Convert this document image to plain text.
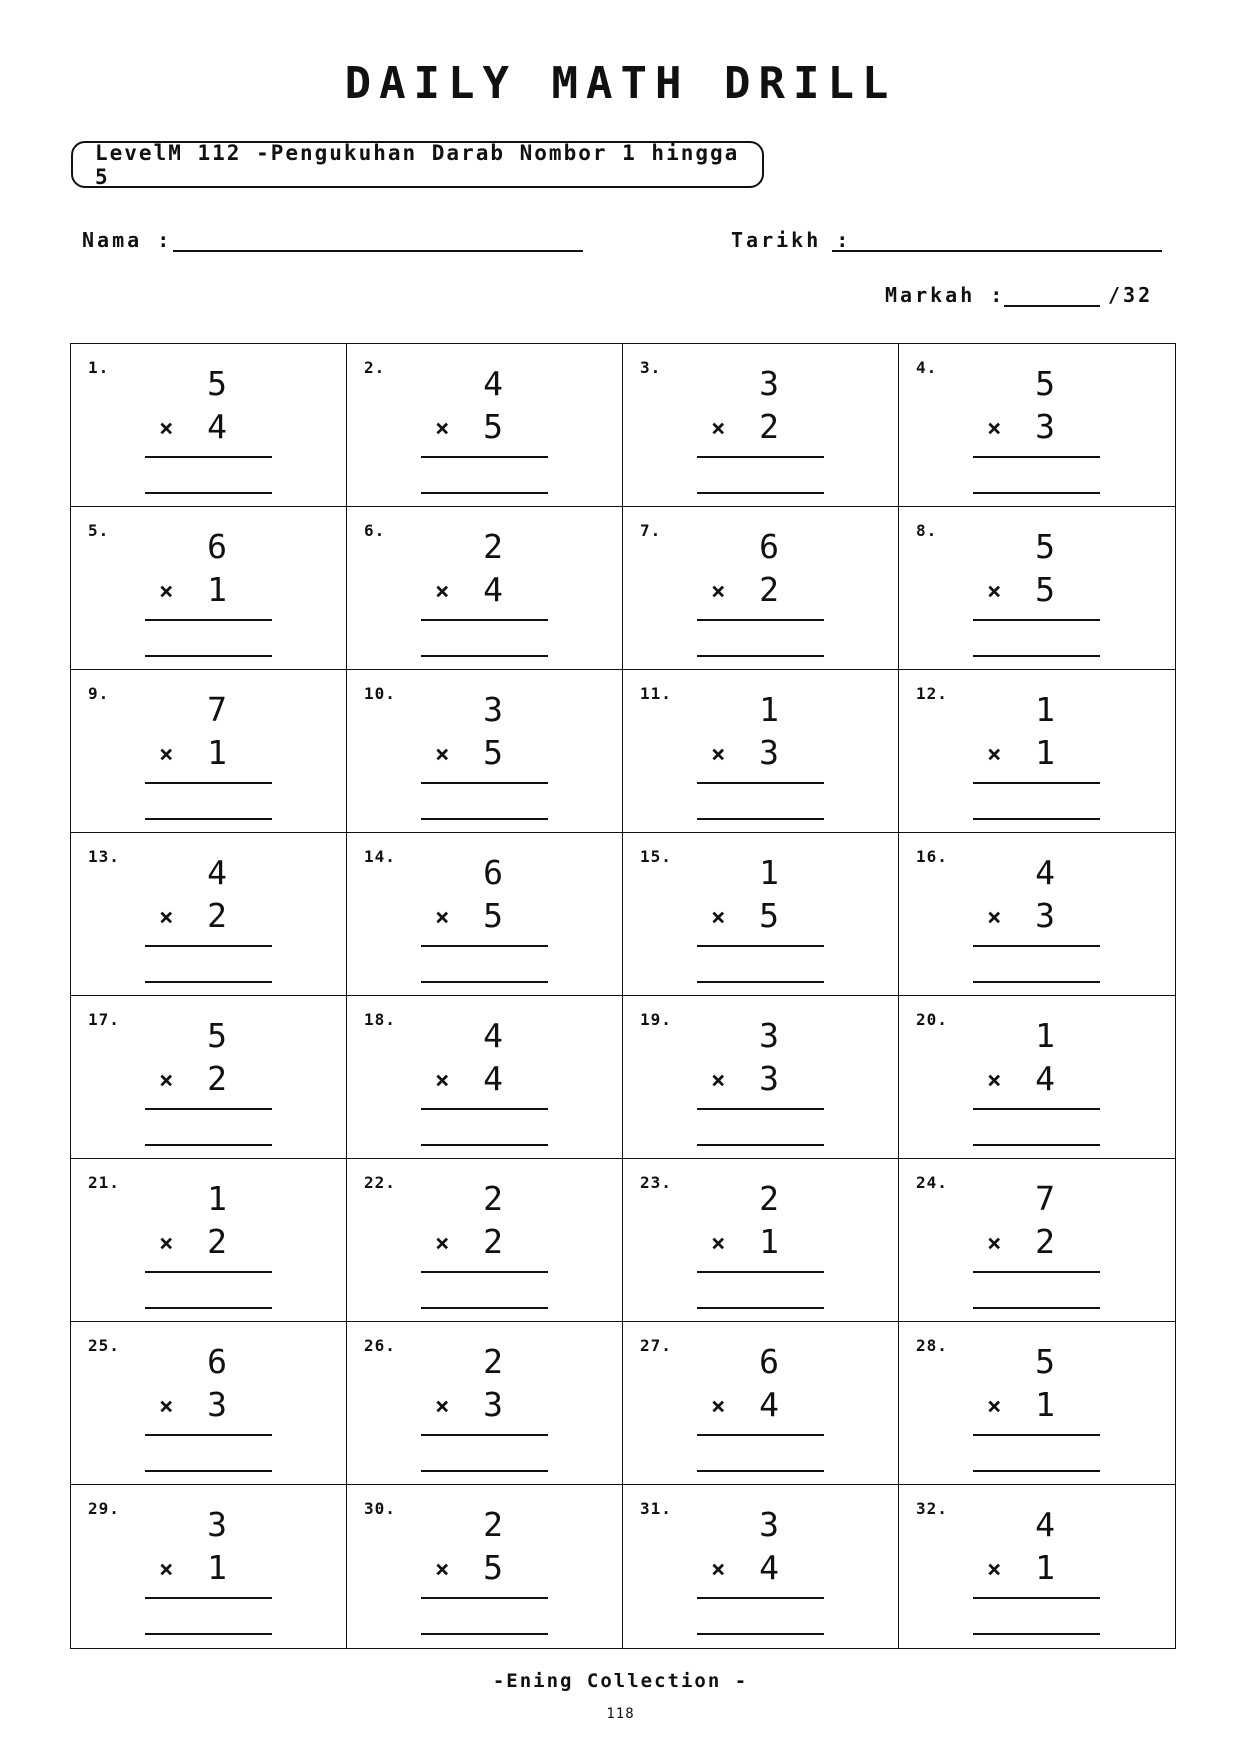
DAILY MATH DRILL
LevelM 112 -Pengukuhan Darab Nombor 1 hingga 5
Nama :	Tarikh :
Markah :	/32
1.	5
×	4
2.	4
×	5
3.	3
×	2
4.	5
×	3
5.	6
×	1
6.	2
×	4
7.	6
×	2
8.	5
×	5
9.	7
×	1
10.	3
×	5
11.	1
×	3
12.	1
×	1
13.	4
×	2
14.	6
×	5
15.	1
×	5
16.	4
×	3
17.	5
×	2
18.	4
×	4
19.	3
×	3
20.	1
×	4
21.	1
×	2
22.	2
×	2
23.	2
×	1
24.	7
×	2
25.	6
×	3
26.	2
×	3
27.	6
×	4
28.	5
×	1
29.	3
×	1
30.	2
×	5
31.	3
×	4
32.	4
×	1
-Ening Collection -
118
